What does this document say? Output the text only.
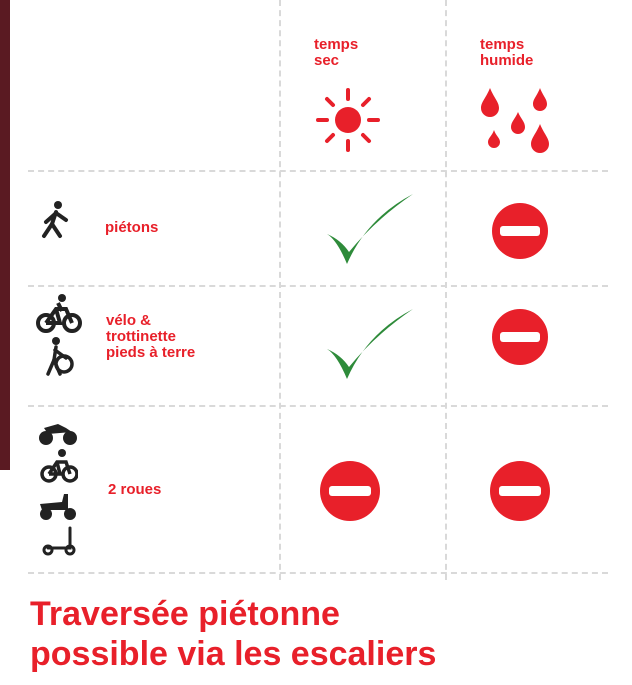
temps
sec
temps
humide
piétons
vélo &
trottinette
pieds à terre
2 roues
Traversée piétonne
possible via les escaliers
